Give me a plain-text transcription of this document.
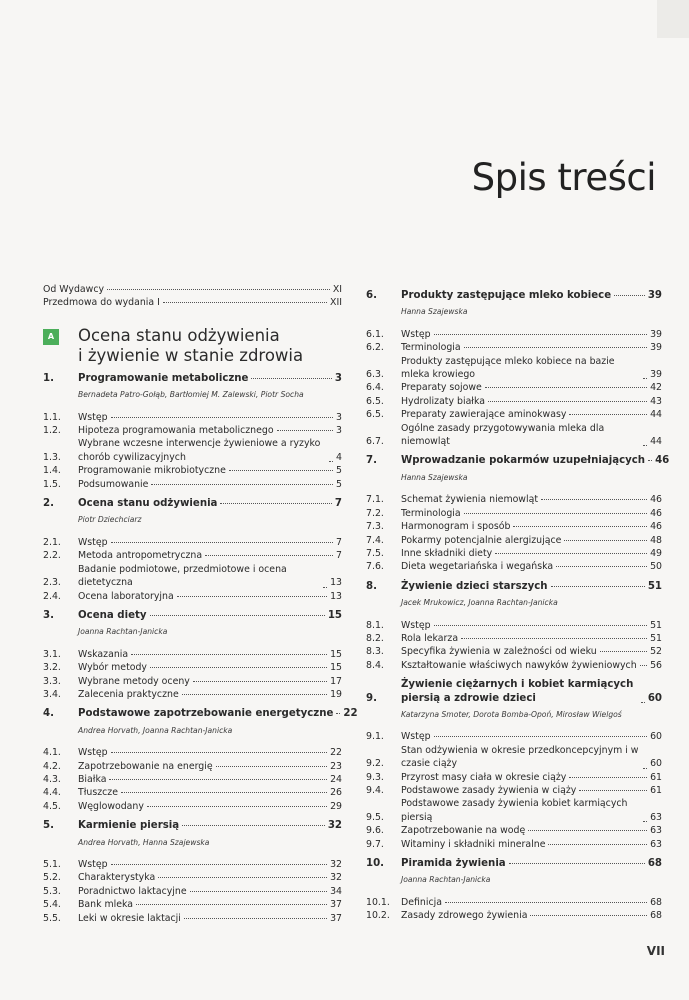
Spis treści
Od Wydawcy	XI
Przedmowa do wydania I	XII
A Ocena stanu odżywienia
i żywienie w stanie zdrowia
1.	Programowanie metaboliczne	3
Bernadeta Patro-Gołąb, Bartłomiej M. Zalewski, Piotr Socha
1.1.	Wstęp	3
1.2.	Hipoteza programowania metabolicznego	3
1.3.
Wybrane wczesne interwencje żywieniowe a ryzyko chorób cywilizacyjnych	4
1.4.	Programowanie mikrobiotyczne	5
1.5.	Podsumowanie	5
2.	Ocena stanu odżywienia	7
Piotr Dziechciarz
2.1.	Wstęp	7
2.2.	Metoda antropometryczna	7
2.3.
Badanie podmiotowe, przedmiotowe i ocena dietetyczna	13
2.4.	Ocena laboratoryjna	13
3.	Ocena diety	15
Joanna Rachtan-Janicka
3.1.	Wskazania	15
3.2.	Wybór metody	15
3.3.	Wybrane metody oceny	17
3.4.	Zalecenia praktyczne	19
4.	Podstawowe zapotrzebowanie energetyczne 22
Andrea Horvath, Joanna Rachtan-Janicka
4.1.	Wstęp	22
4.2.	Zapotrzebowanie na energię	23
4.3.	Białka	24
4.4.	Tłuszcze	26
4.5.	Węglowodany	29
5.	Karmienie piersią	32
Andrea Horvath, Hanna Szajewska
5.1.	Wstęp	32
5.2.	Charakterystyka	32
5.3.	Poradnictwo laktacyjne	34
5.4.	Bank mleka	37
5.5.	Leki w okresie laktacji	37
6.	Produkty zastępujące mleko kobiece	39
Hanna Szajewska
6.1.	Wstęp	39
6.2.	Terminologia	39
6.3.
Produkty zastępujące mleko kobiece na bazie mleka krowiego	39
6.4.	Preparaty sojowe	42
6.5.	Hydrolizaty białka	43
6.5.	Preparaty zawierające aminokwasy	44
6.7.
Ogólne zasady przygotowywania mleka dla niemowląt	44
7.	Wprowadzanie pokarmów uzupełniających 46
Hanna Szajewska
7.1.	Schemat żywienia niemowląt	46
7.2.	Terminologia	46
7.3.	Harmonogram i sposób	46
7.4.	Pokarmy potencjalnie alergizujące	48
7.5.	Inne składniki diety	49
7.6.	Dieta wegetariańska i wegańska	50
8.	Żywienie dzieci starszych	51
Jacek Mrukowicz, Joanna Rachtan-Janicka
8.1.	Wstęp	51
8.2.	Rola lekarza	51
8.3.	Specyfika żywienia w zależności od wieku	52
8.4.	Kształtowanie właściwych nawyków żywieniowych 56
9.
Żywienie ciężarnych i kobiet karmiących piersią a zdrowie dzieci	60
Katarzyna Smoter, Dorota Bomba-Opoń, Mirosław Wielgoś
9.1.	Wstęp	60
9.2.
Stan odżywienia w okresie przedkoncepcyjnym i w czasie ciąży	60
9.3.	Przyrost masy ciała w okresie ciąży	61
9.4.	Podstawowe zasady żywienia w ciąży	61
9.5.
Podstawowe zasady żywienia kobiet karmiących piersią	63
9.6.	Zapotrzebowanie na wodę	63
9.7.	Witaminy i składniki mineralne	63
10.	Piramida żywienia	68
Joanna Rachtan-Janicka
10.1.	Definicja	68
10.2.	Zasady zdrowego żywienia	68
VII
